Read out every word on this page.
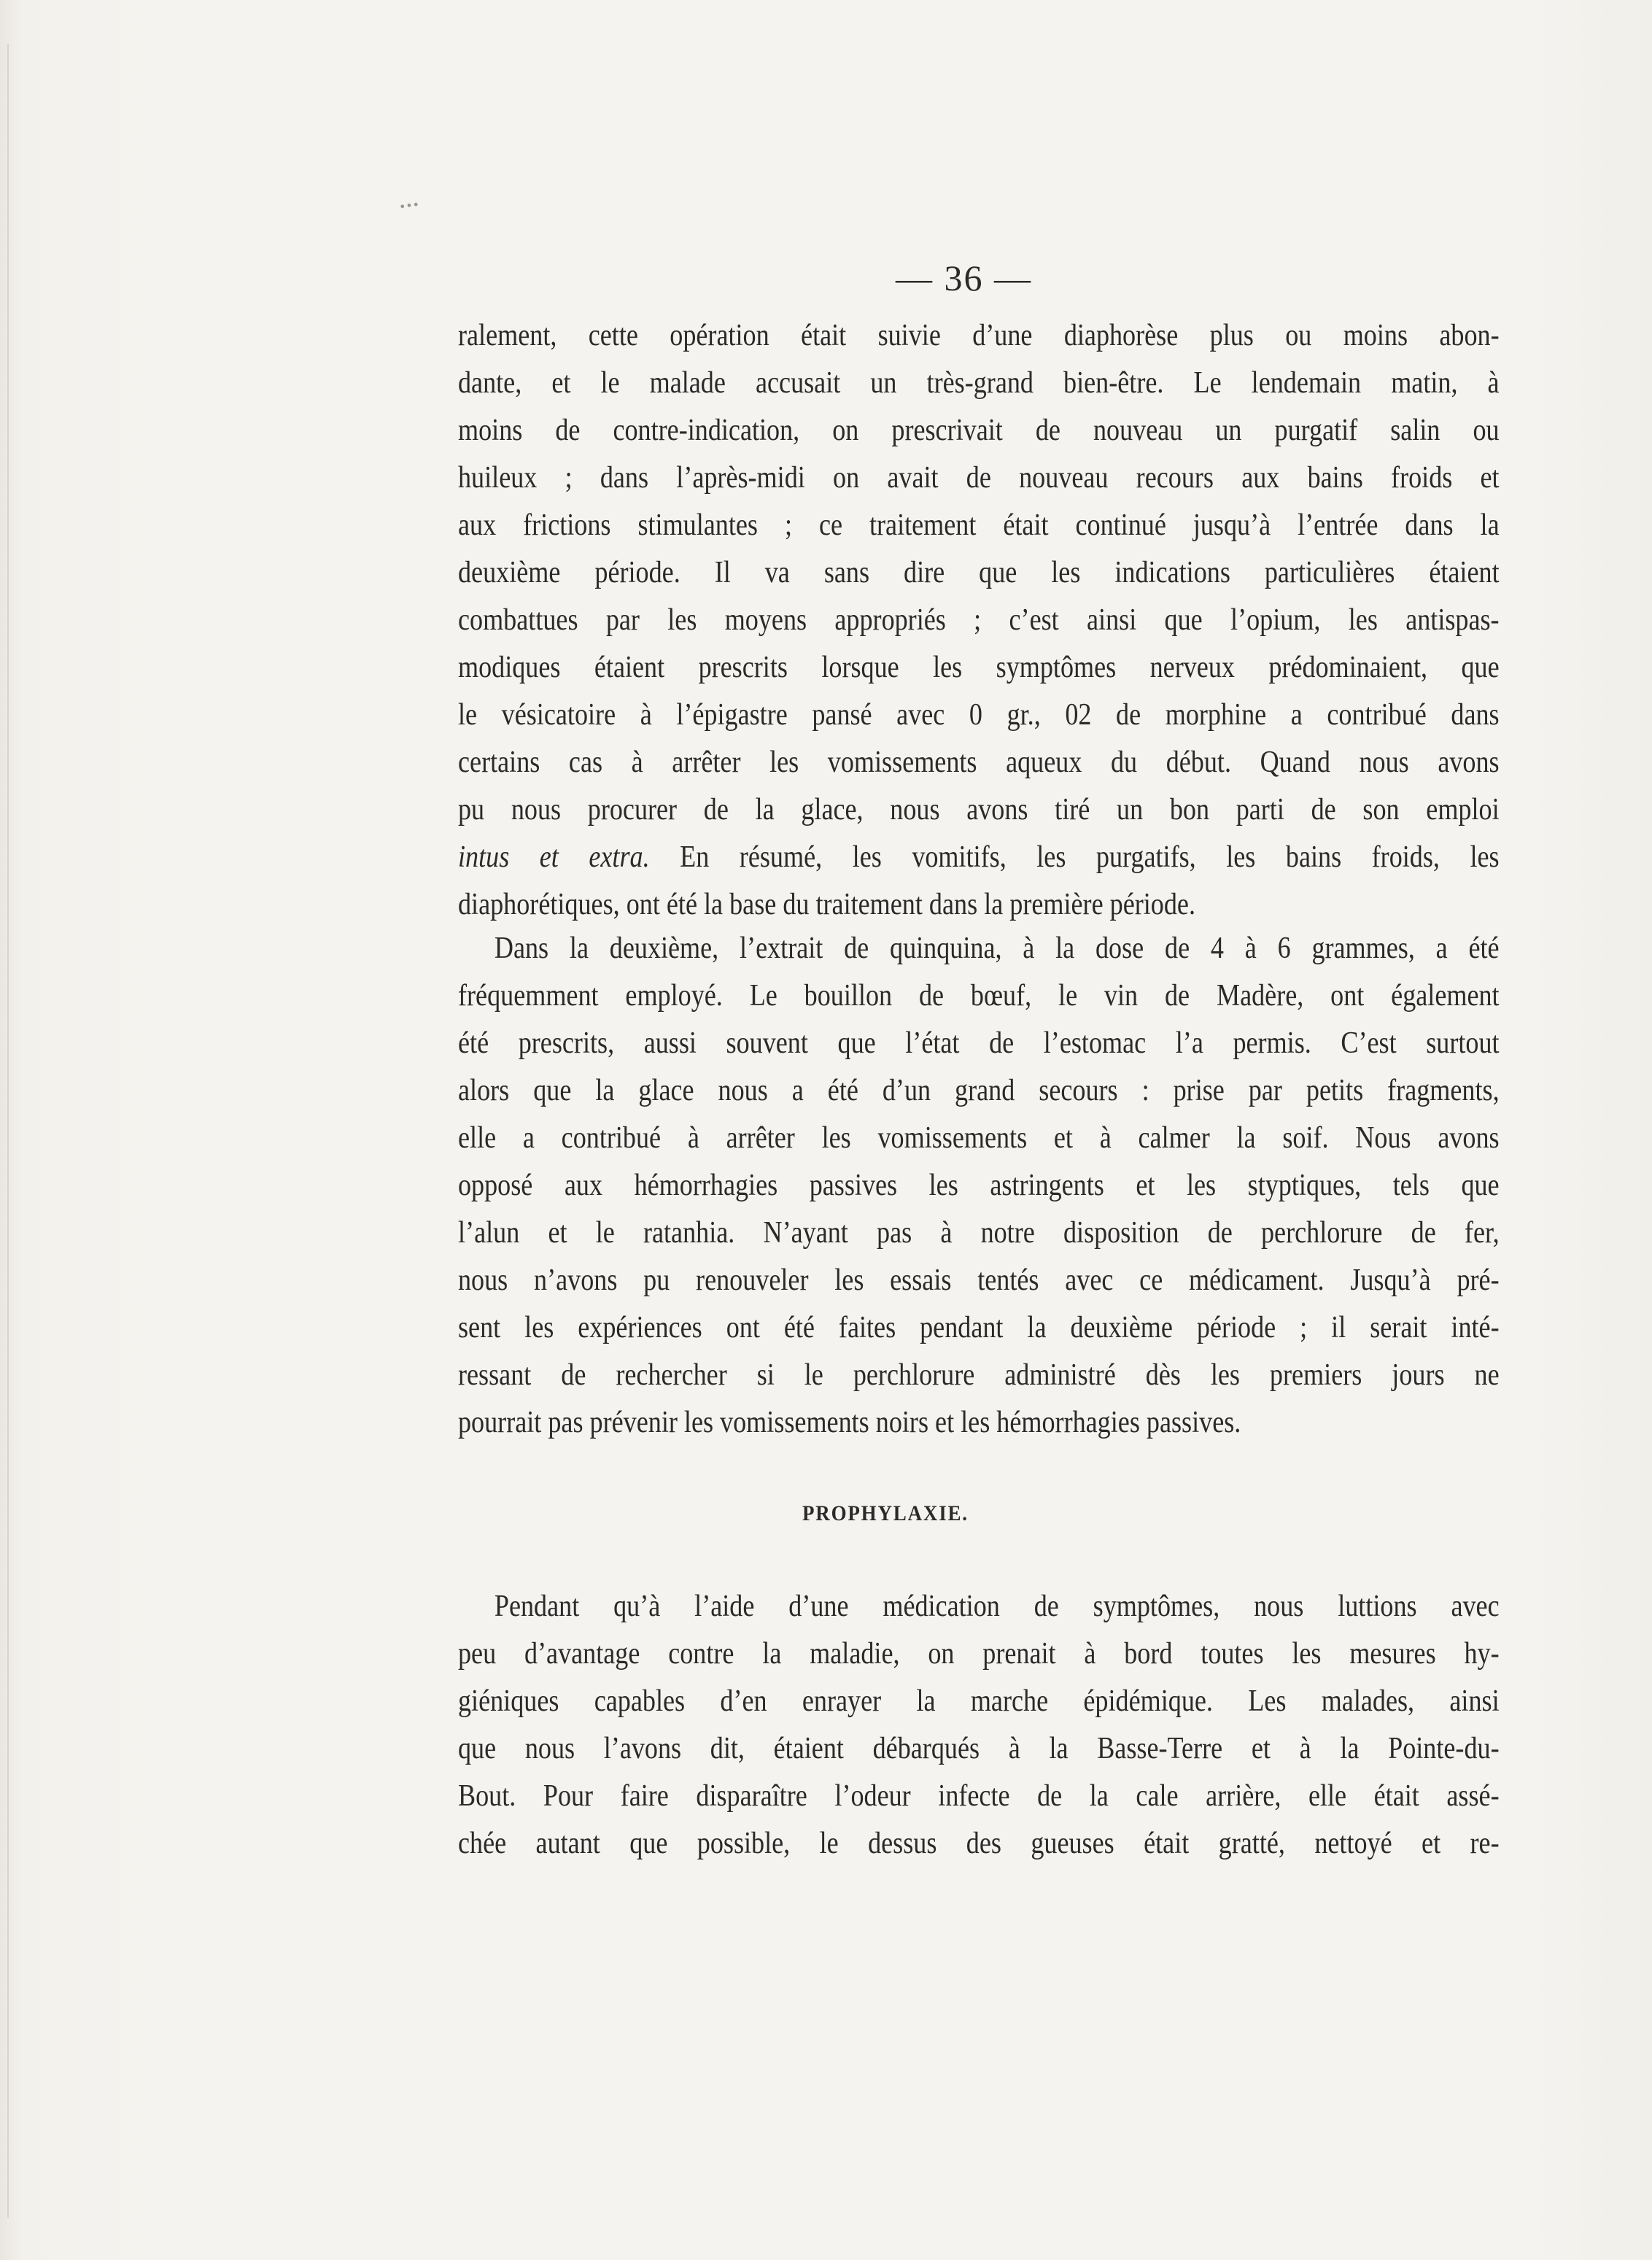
···
— 36 —
ralement, cette opération était suivie d’une diaphorèse plus ou moins abon-
dante, et le malade accusait un très-grand bien-être. Le lendemain matin, à
moins de contre-indication, on prescrivait de nouveau un purgatif salin ou
huileux ; dans l’après-midi on avait de nouveau recours aux bains froids et
aux frictions stimulantes ; ce traitement était continué jusqu’à l’entrée dans la
deuxième période. Il va sans dire que les indications particulières étaient
combattues par les moyens appropriés ; c’est ainsi que l’opium, les antispas-
modiques étaient prescrits lorsque les symptômes nerveux prédominaient, que
le vésicatoire à l’épigastre pansé avec 0 gr., 02 de morphine a contribué dans
certains cas à arrêter les vomissements aqueux du début. Quand nous avons
pu nous procurer de la glace, nous avons tiré un bon parti de son emploi
intus et extra. En résumé, les vomitifs, les purgatifs, les bains froids, les
diaphorétiques, ont été la base du traitement dans la première période.
Dans la deuxième, l’extrait de quinquina, à la dose de 4 à 6 grammes, a été
fréquemment employé. Le bouillon de bœuf, le vin de Madère, ont également
été prescrits, aussi souvent que l’état de l’estomac l’a permis. C’est surtout
alors que la glace nous a été d’un grand secours : prise par petits fragments,
elle a contribué à arrêter les vomissements et à calmer la soif. Nous avons
opposé aux hémorrhagies passives les astringents et les styptiques, tels que
l’alun et le ratanhia. N’ayant pas à notre disposition de perchlorure de fer,
nous n’avons pu renouveler les essais tentés avec ce médicament. Jusqu’à pré-
sent les expériences ont été faites pendant la deuxième période ; il serait inté-
ressant de rechercher si le perchlorure administré dès les premiers jours ne
pourrait pas prévenir les vomissements noirs et les hémorrhagies passives.
PROPHYLAXIE.
Pendant qu’à l’aide d’une médication de symptômes, nous luttions avec
peu d’avantage contre la maladie, on prenait à bord toutes les mesures hy-
giéniques capables d’en enrayer la marche épidémique. Les malades, ainsi
que nous l’avons dit, étaient débarqués à la Basse-Terre et à la Pointe-du-
Bout. Pour faire disparaître l’odeur infecte de la cale arrière, elle était assé-
chée autant que possible, le dessus des gueuses était gratté, nettoyé et re-
